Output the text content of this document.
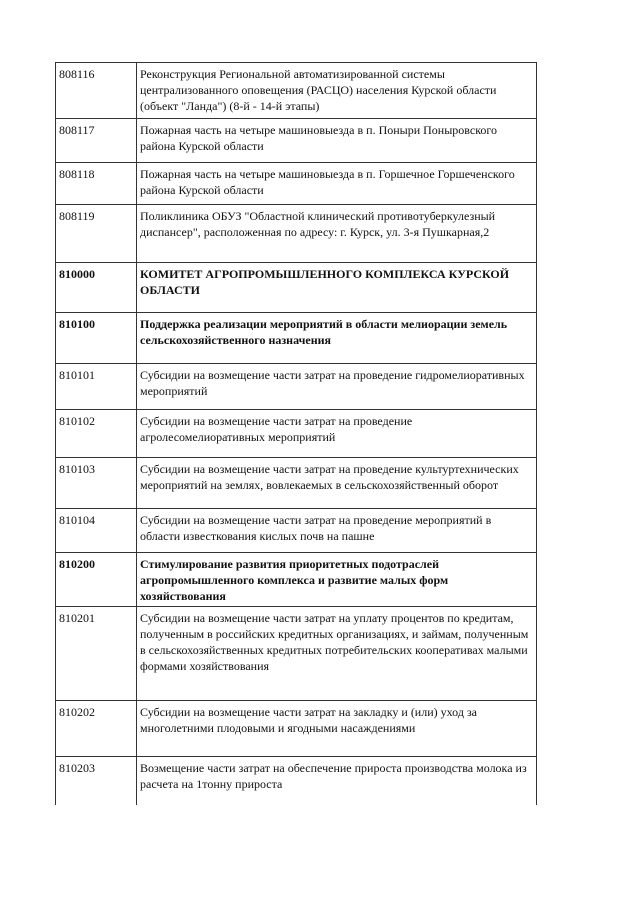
808116	Реконструкция Региональной автоматизированной системы централизованного оповещения (РАСЦО) населения Курской области (объект "Ланда") (8-й - 14-й этапы)
808117	Пожарная часть на четыре машиновыезда в п. Поныри Поныровского района Курской области
808118	Пожарная часть на четыре машиновыезда в п. Горшечное Горшеченского района Курской области
808119	Поликлиника ОБУЗ "Областной клинический противотуберкулезный диспансер", расположенная по адресу: г. Курск, ул. 3-я Пушкарная,2
810000	КОМИТЕТ АГРОПРОМЫШЛЕННОГО КОМПЛЕКСА КУРСКОЙ ОБЛАСТИ
810100	Поддержка реализации мероприятий в области мелиорации земель сельскохозяйственного назначения
810101	Субсидии на возмещение части затрат на проведение гидромелиоративных мероприятий
810102	Субсидии на возмещение части затрат на проведение агролесомелиоративных мероприятий
810103	Субсидии на возмещение части затрат на проведение культуртехнических мероприятий на землях, вовлекаемых в сельскохозяйственный оборот
810104	Субсидии на возмещение части затрат на проведение мероприятий в области известкования кислых почв на пашне
810200	Стимулирование развития приоритетных подотраслей агропромышленного комплекса и развитие малых форм хозяйствования
810201	Субсидии на возмещение части затрат на уплату процентов по кредитам, полученным в российских кредитных организациях, и займам, полученным в сельскохозяйственных кредитных потребительских кооперативах малыми формами хозяйствования
810202	Субсидии на возмещение части затрат на закладку и (или) уход за многолетними плодовыми и ягодными насаждениями
810203	Возмещение части затрат на обеспечение прироста производства молока из расчета на 1тонну прироста
